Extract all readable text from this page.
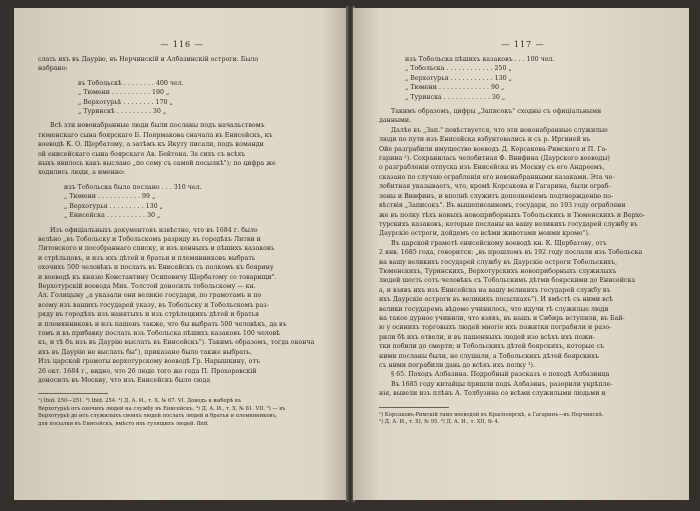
— 116 —
слать ихъ въ Даурію, въ Нерчинскій и Албазинскій остроги. Было
набрано:
въ Тобольскѣ . . . . . . . . 400 чел.
„ Тюмени . . . . . . . . . . 190 „
„ Верхотурьѣ . . . . . . . . 170 „
„ Туринскѣ . . . . . . . . . 30 „
Всѣ эти новонабранные люди были посланы подъ начальствомъ
тюменскаго сына боярскаго Б. Поярмакова сначала въ Енисейскъ, къ
воеводѣ К. О. Щербатому, а затѣмъ къ Якуту писали, подъ команди
ой енисейскаго сына боярскаго Ав. Бейтона. За сихъ съ всѣхъ
ныхъ явилось какъ выслано „по сему съ самой посылкѣ"); по цифра же
ходились люди, а именно:
изъ Тобольска было послано . . . 310 чел.
„ Тюмени . . . . . . . . . . . 99 „
„ Верхотурья . . . . . . . . . 130 „
„ Енисейска . . . . . . . . . . 30 „
Изъ офиціальныхъ документовъ извѣстно, что въ 1684 г. было
велѣно „въ Тобольску и Тобольскомъ разряду въ городѣхъ Литви и
Литовского и пособраннаго списку, и изъ конныхъ и пѣшихъ казаковъ
и стрѣльцовъ, и изъ ихъ дѣтей и братьи и племянниковъ выбрать
охочихъ 500 человѣкъ и послать въ Енисейскъ съ полкомъ къ боярину
и воеводѣ къ князю Константину Осиповичу Щербатому со товарищи".
Верхотурскій воевода Мих. Толстой доносилъ тобольскому — кн.
Ал. Голицыну „а указали они великіе государи, по грамотамъ и по
всему изъ вашихъ государей указу, въ Тобольску и Тобольскомъ раз-
ряду въ городѣхъ изъ нанятыхъ и изъ стрѣлецкихъ дѣтей и братья
и племянниковъ и изъ пашенъ также, что бы выбрать 500 человѣкъ, да въ
томъ и въ прибавку послать изъ Тобольска пѣшихъ казаковъ 100 человѣ
къ, и тѣ бъ изъ въ Даурію выслать въ Енисейскъ"). Такимъ образомъ, тогда оконча
ихъ въ Даурію не выслать бы"), приказано было также выбрать.
Изъ царской грамоты верхотурскому воеводѣ Гр. Нарышкину, отъ
26 окт. 1684 г., видно, что 26 люде того же года П. Прохоровскій
доносилъ въ Москву, что изъ Енисейскъ было сюда
¹) Ibid. 250—251. ²) Ibid. 254. ³) Д. А. И., т. X, № 67. VI. Доводъ к выборѣ въ
Верхотурьѣ отъ охочихъ людей на службу въ Енисейскъ. ⁴) Д. А. И., т. X, № 81. VII. ⁵) — въ
Верхотурьѣ до исъ служилыхъ своихъ людей послать людей и братьи и племянниковъ,
для посылки въ Енисейскъ, вмѣсто ихъ гулящихъ людей. Ibid.
— 117 —
изъ Тобольска пѣшихъ казаковъ . . . 100 чел.
„ Тобольска . . . . . . . . . . . . 250 „
„ Верхотурья . . . . . . . . . . . 130 „
„ Тюмени . . . . . . . . . . . . . 90 „
„ Туринска . . . . . . . . . . . . 30 „
Такимъ образомъ, цифры „Записокъ" сходны съ офиціальными
данными.
Далѣе въ „Зап." повѣствуется, что эти новонабранные служилые
люди по пути изъ Енисейска взбунтовались и съ р. Иргиней въ
Ойе разграбили имущество воеводъ Д. Корсакова-Римского и П. Га-
гарина ²). Сохранилась челобитная Ф. Внифина (Даурского воеводы)
о разграбленіи отпуска изъ Енисейска въ Москву съ его Андреемъ,
сказано по случаю ограбленія его новонабранными казаками. Эта че-
лобитная указываетъ, что, кромѣ Корсакова и Гагарина, были ограб-
лены и Внифинъ, и вполнѣ служитъ дополненіемъ подтвержденію по-
вѣствія „Записокъ". Въ вышеписанномъ, государи, по 193 году ограблени
же въ полку тѣхъ новыхъ новоприборныхъ Тобольскихъ и Тюменскихъ и Верхо-
турскихъ казаковъ, которые посланы на вашу великихъ государей службу въ
Даурскіе остроги, дойдемъ со всѣми животами моими кроме").
Въ царской грамотѣ енисейскому воеводѣ кн. К. Щербатову, отъ
2 янв. 1685 года, говорится: „въ прошломъ въ 192 году послали изъ Тобольска
на вашу великихъ государей службу въ Даурскіе остроги Тобольскихъ,
Тюменскихъ, Туринскихъ, Верхотурскихъ новоприборныхъ служилыхъ
людей шесть сотъ человѣкъ съ Тобольскимъ дѣтми боярскими до Енисейска
а, и взявъ ихъ изъ Енисейска на вашу великихъ государей службу въ
ихъ Даурскіе остроги въ великихъ посылкахъ"). И вмѣстѣ съ ними всѣ
велики государемъ вѣдомо учинилось, что идучи тѣ служилые люди
на такое дурное учинили, что взявъ, въ нашъ и Сибирь вступили, въ Бай-
ю у осинихъ торговыхъ людей многіе ихъ пожитки пограбили и разо-
рили бѣ ихъ отвели, и въ пашенныхъ людей изо всѣхъ ихъ пожи-
тки побили до смерти; и Тобольскихъ дѣтей боярскихъ, которые съ
ними посланы были, не слушали, а Тобольскихъ дѣтей боярскихъ
съ ними пограбили дань до всѣхъ ихъ полку ³).
§ 65. Походъ Албазина. Подробный разсказъ о походѣ Албазинца
Въ 1685 году китайцы пришли подъ Албазинъ, разорили укрѣпле-
нія, вывели изъ плѣнъ А. Толбузина со всѣми служилыми людьми и
¹) Корсаковъ-Римскій тамо воеводой въ Красноярскѣ, а Гагаринъ—въ Нерчинскѣ.
²) Д. А. И., т. XI, № 95. ³) Д. А. И., т. XII, № 4.
